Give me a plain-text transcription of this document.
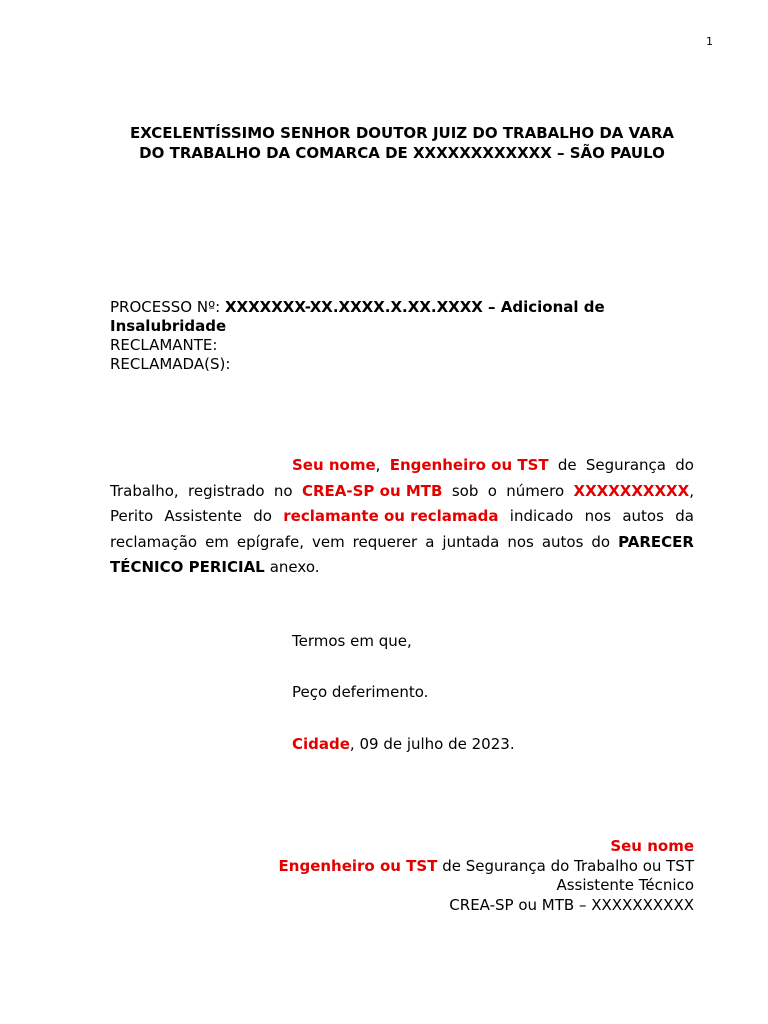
1
EXCELENTÍSSIMO SENHOR DOUTOR JUIZ DO TRABALHO DA VARA
DO TRABALHO DA COMARCA DE XXXXXXXXXXXX – SÃO PAULO
PROCESSO Nº: XXXXXXX-XX.XXXX.X.XX.XXXX – Adicional de
Insalubridade
RECLAMANTE:
RECLAMADA(S):
Seu nome, Engenheiro ou TST de Segurança do
Trabalho, registrado no CREA-SP ou MTB sob o número XXXXXXXXXX,
Perito Assistente do reclamante ou reclamada indicado nos autos da
reclamação em epígrafe, vem requerer a juntada nos autos do PARECER
TÉCNICO PERICIAL anexo.
Termos em que,
Peço deferimento.
Cidade, 09 de julho de 2023.
Seu nome
Engenheiro ou TST de Segurança do Trabalho ou TST
Assistente Técnico
CREA-SP ou MTB – XXXXXXXXXX
